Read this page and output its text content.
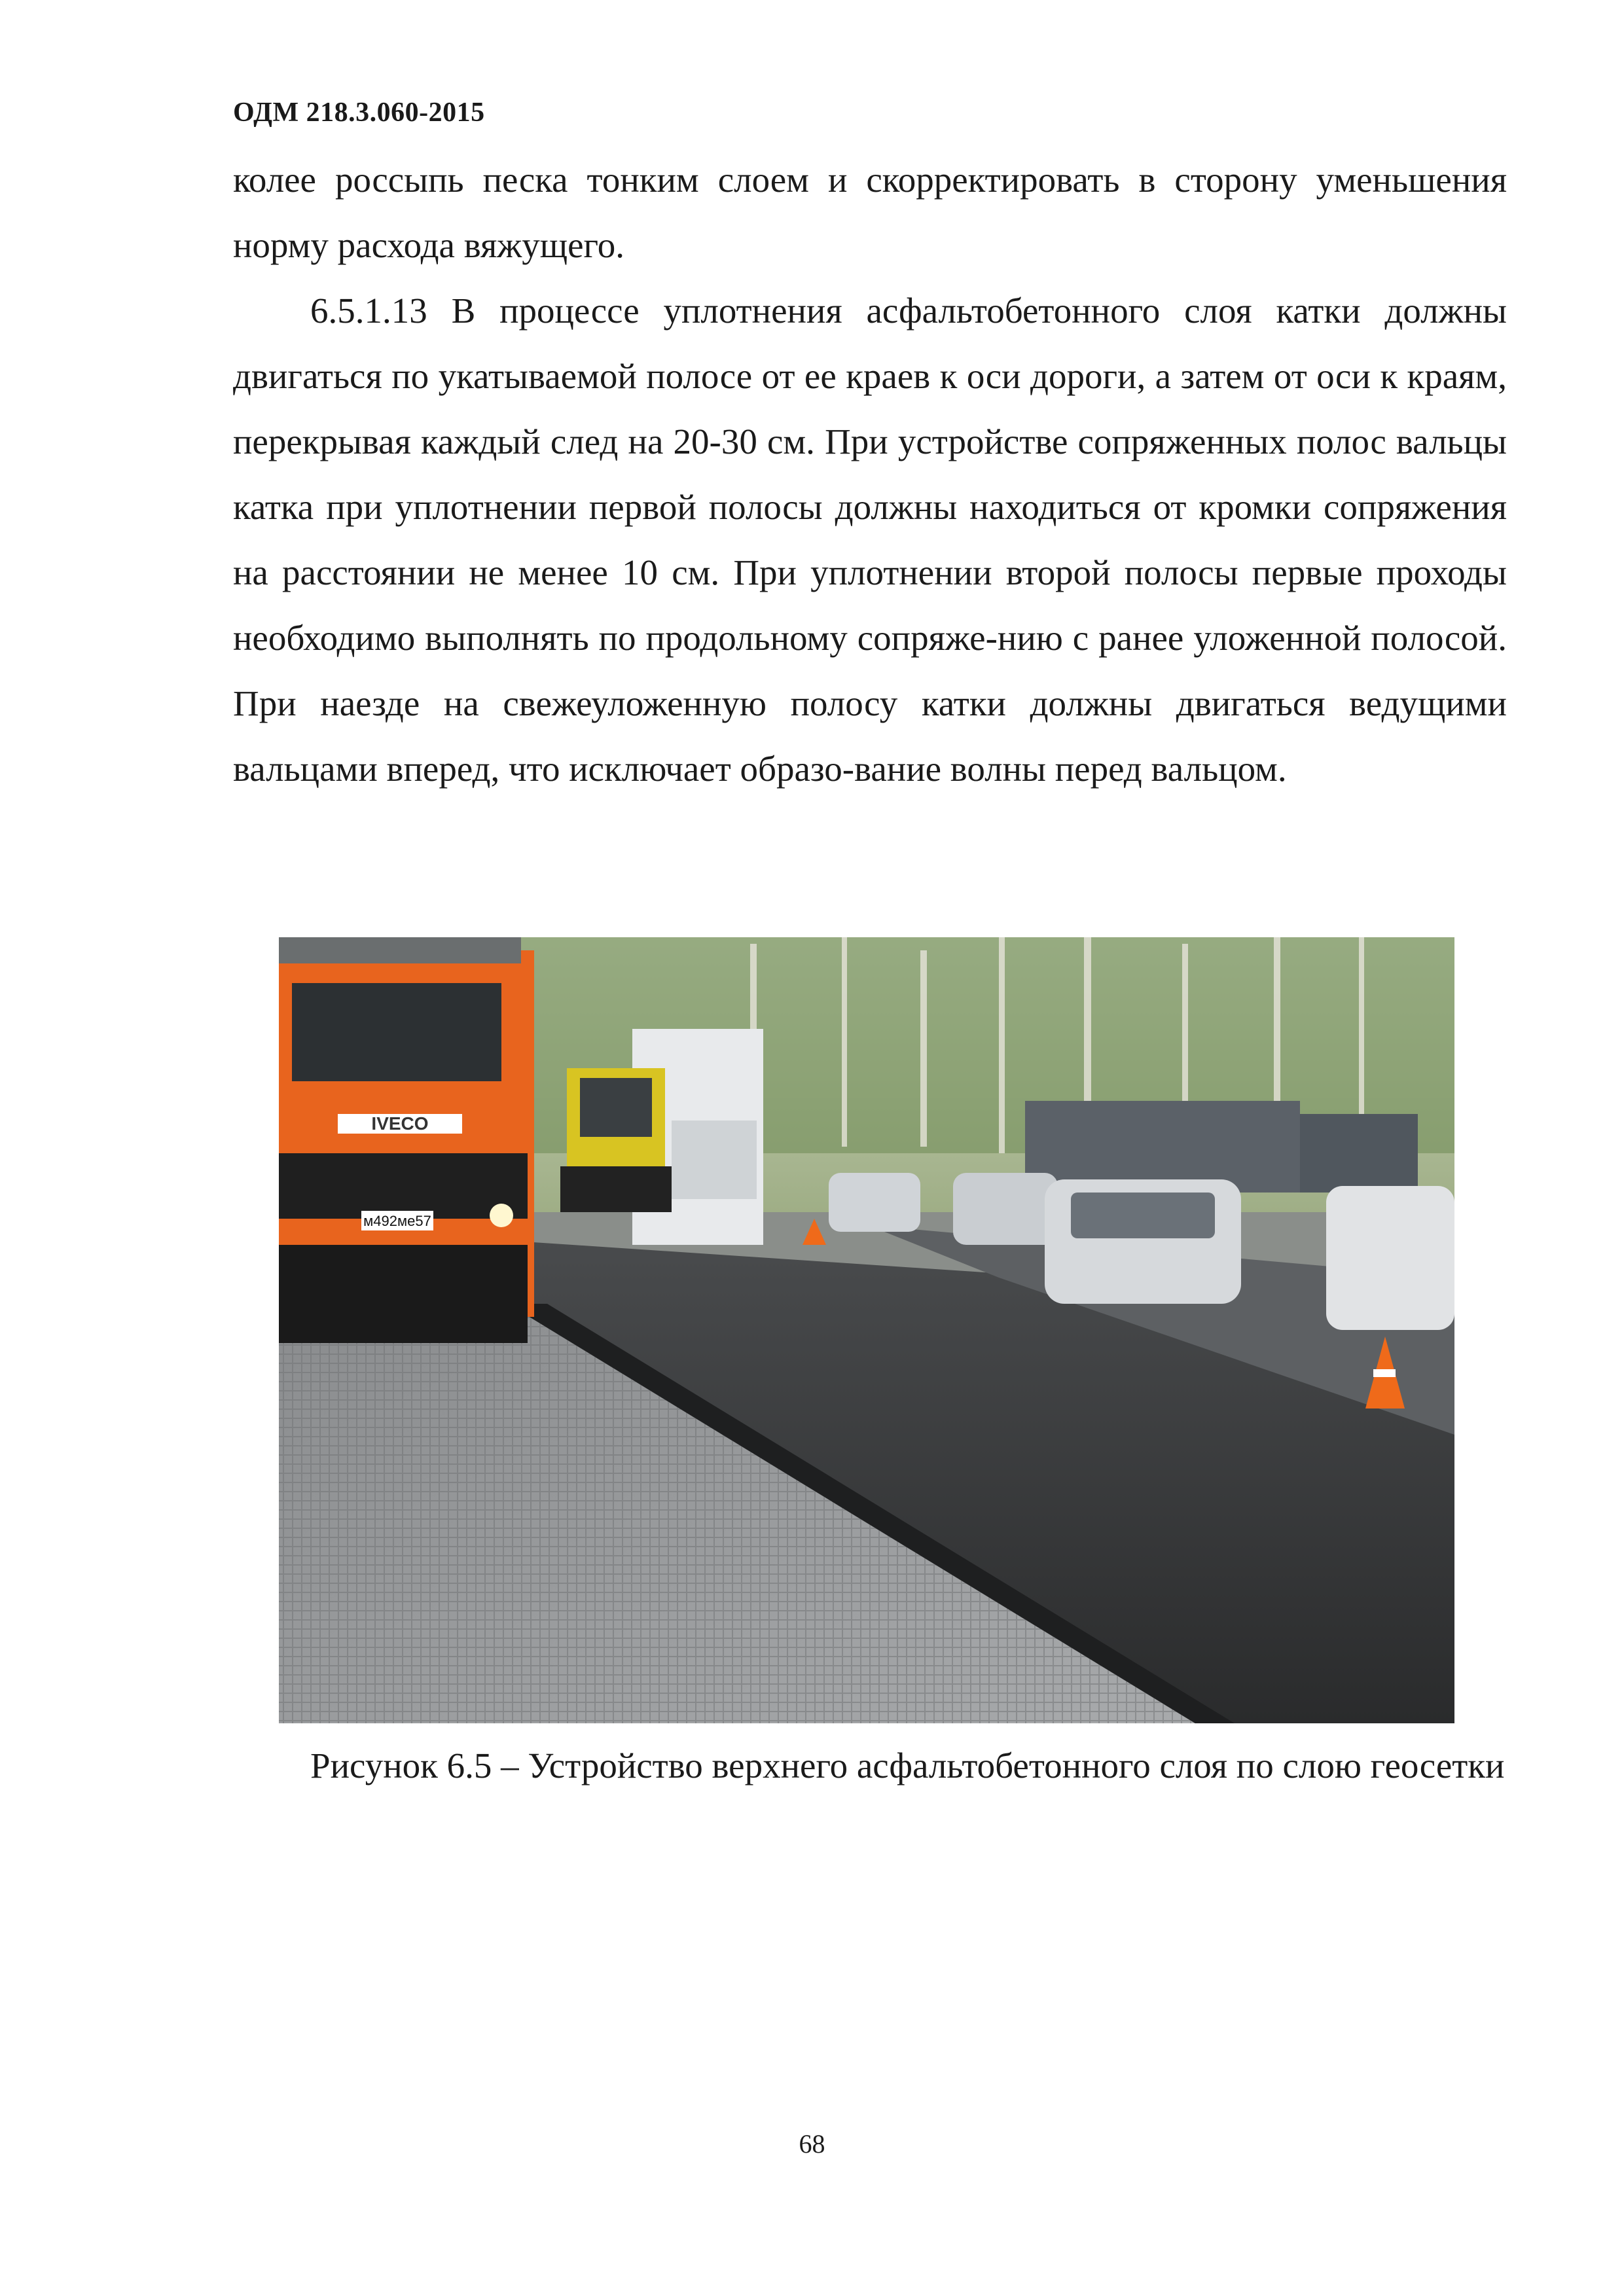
ОДМ 218.3.060-2015

колее россыпь песка тонким слоем и скорректировать в сторону уменьшения норму расхода вяжущего.

6.5.1.13 В процессе уплотнения асфальтобетонного слоя катки должны двигаться по укатываемой полосе от ее краев к оси дороги, а затем от оси к краям, перекрывая каждый след на 20-30 см. При устройстве сопряженных полос вальцы катка при уплотнении первой полосы должны находиться от кромки сопряжения на расстоянии не менее 10 см. При уплотнении второй полосы первые проходы необходимо выполнять по продольному сопряже-нию с ранее уложенной полосой. При наезде на свежеуложенную полосу катки должны двигаться ведущими вальцами вперед, что исключает образо-вание волны перед вальцом.

IVECO
м492ме57
Рисунок 6.5 – Устройство верхнего асфальтобетонного слоя по слою геосетки
68
